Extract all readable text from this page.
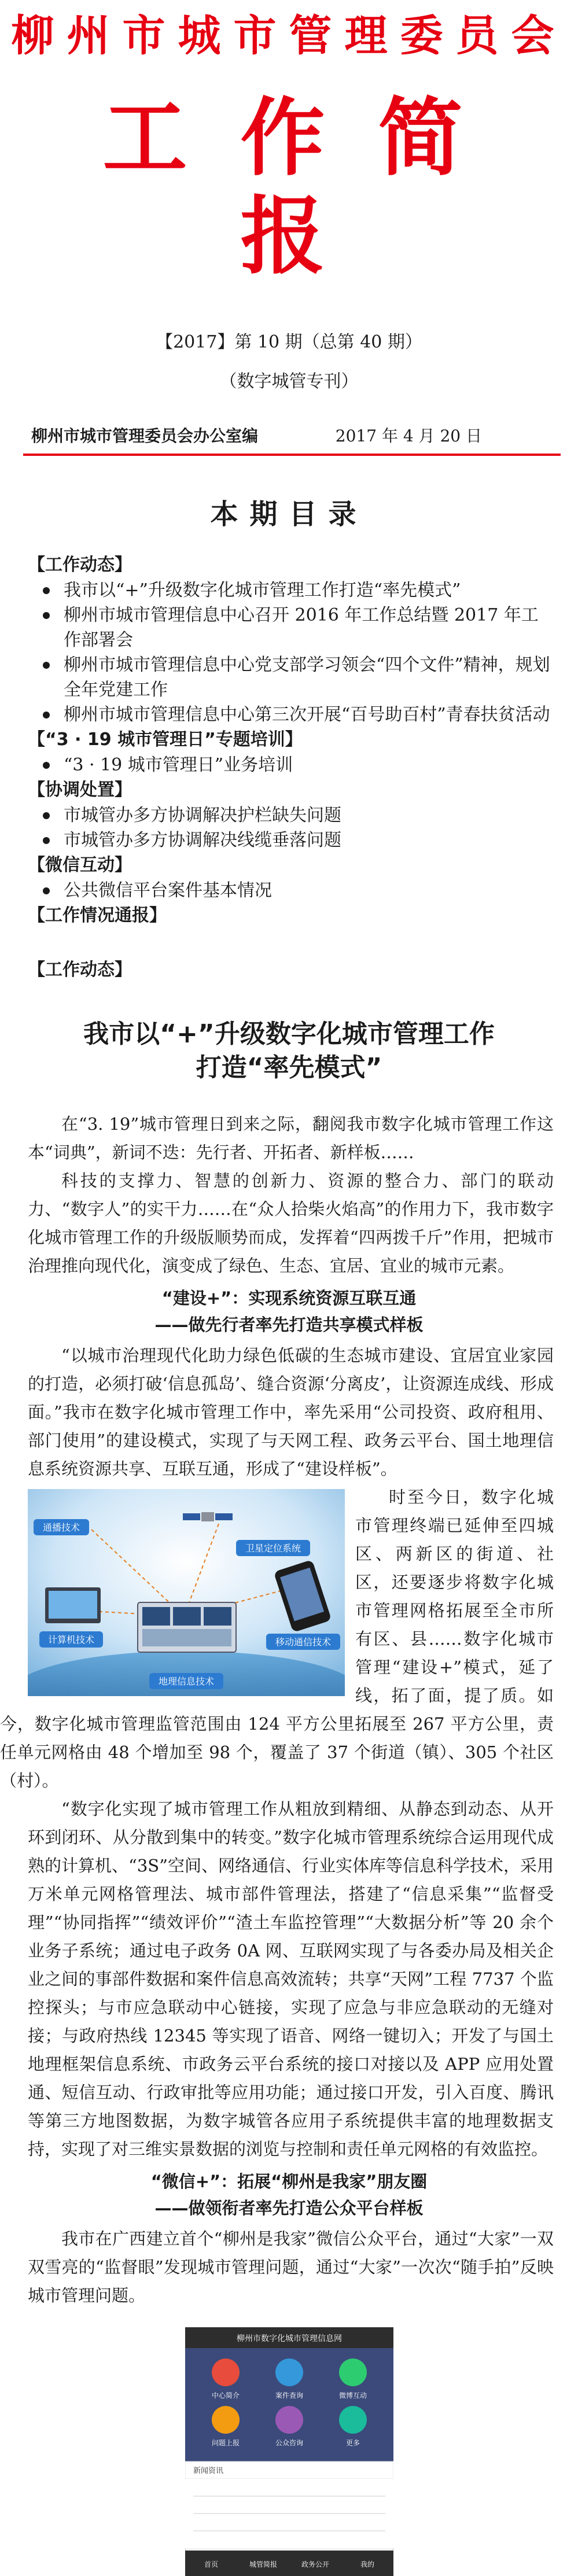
柳州市城市管理委员会
工作简报
【2017】第 10 期（总第 40 期）
（数字城管专刊）
柳州市城市管理委员会办公室编	2017 年 4 月 20 日
本期目录
【工作动态】
我市以“+”升级数字化城市管理工作打造“率先模式”
柳州市城市管理信息中心召开 2016 年工作总结暨 2017 年工作部署会
柳州市城市管理信息中心党支部学习领会“四个文件”精神，规划全年党建工作
柳州市城市管理信息中心第三次开展“百号助百村”青春扶贫活动
【“3 · 19 城市管理日”专题培训】
“3 · 19 城市管理日”业务培训
【协调处置】
市城管办多方协调解决护栏缺失问题
市城管办多方协调解决线缆垂落问题
【微信互动】
公共微信平台案件基本情况
【工作情况通报】
【工作动态】
我市以“+”升级数字化城市管理工作
打造“率先模式”

在“3. 19”城市管理日到来之际，翻阅我市数字化城市管理工作这本“词典”，新词不迭：先行者、开拓者、新样板……

科技的支撑力、智慧的创新力、资源的整合力、部门的联动力、“数字人”的实干力……在“众人拾柴火焰高”的作用力下，我市数字化城市管理工作的升级版顺势而成，发挥着“四两拨千斤”作用，把城市治理推向现代化，演变成了绿色、生态、宜居、宜业的城市元素。

“建设+”：实现系统资源互联互通
——做先行者率先打造共享模式样板

“以城市治理现代化助力绿色低碳的生态城市建设、宜居宜业家园的打造，必须打破‘信息孤岛’、缝合资源‘分离皮’，让资源连成线、形成面。”我市在数字化城市管理工作中，率先采用“公司投资、政府租用、部门使用”的建设模式，实现了与天网工程、政务云平台、国土地理信息系统资源共享、互联互通，形成了“建设样板”。

通播技术
卫星定位系统
计算机技术	移动通信技术
地理信息技术
时至今日，数字化城市管理终端已延伸至四城区、两新区的街道、社区，还要逐步将数字化城市管理网格拓展至全市所有区、县……数字化城市管理“建设+”模式，延了线，拓了面，提了质。如今，数字化城市管理监管范围由 124 平方公里拓展至 267 平方公里，责任单元网格由 48 个增加至 98 个，覆盖了 37 个街道（镇）、305 个社区（村）。

“数字化实现了城市管理工作从粗放到精细、从静态到动态、从开环到闭环、从分散到集中的转变。”数字化城市管理系统综合运用现代成熟的计算机、“3S”空间、网络通信、行业实体库等信息科学技术，采用万米单元网格管理法、城市部件管理法，搭建了“信息采集”“监督受理”“协同指挥”“绩效评价”“渣土车监控管理”“大数据分析”等 20 余个业务子系统；通过电子政务 0A 网、互联网实现了与各委办局及相关企业之间的事部件数据和案件信息高效流转；共享“天网”工程 7737 个监控探头；与市应急联动中心链接，实现了应急与非应急联动的无缝对接；与政府热线 12345 等实现了语音、网络一键切入；开发了与国土地理框架信息系统、市政务云平台系统的接口对接以及 APP 应用处置通、短信互动、行政审批等应用功能；通过接口开发，引入百度、腾讯等第三方地图数据，为数字城管各应用子系统提供丰富的地理数据支持，实现了对三维实景数据的浏览与控制和责任单元网格的有效监控。

“微信+”：拓展“柳州是我家”朋友圈
——做领衔者率先打造公众平台样板

我市在广西建立首个“柳州是我家”微信公众平台，通过“大家”一双双雪亮的“监督眼”发现城市管理问题，通过“大家”一次次“随手拍”反映城市管理问题。

柳州市数字化城市管理信息网
中心简介	案件查询	微博互动
问题上报	公众咨询	更多
新闻资讯
首页	城管简报	政务公开	我的
